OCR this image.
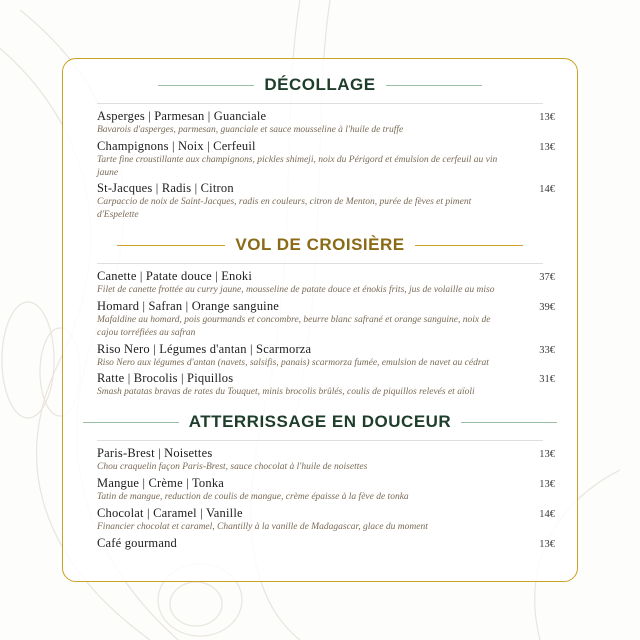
DÉCOLLAGE
Asperges | Parmesan | Guanciale	13€
Bavarois d'asperges, parmesan, guanciale et sauce mousseline à l'huile de truffe
Champignons | Noix | Cerfeuil	13€
Tarte fine croustillante aux champignons, pickles shimeji, noix du Périgord et émulsion de cerfeuil au vin jaune
St-Jacques | Radis | Citron	14€
Carpaccio de noix de Saint-Jacques, radis en couleurs, citron de Menton, purée de fèves et piment d'Espelette
VOL DE CROISIÈRE
Canette | Patate douce | Enoki	37€
Filet de canette frottée au curry jaune, mousseline de patate douce et énokis frits, jus de volaille au miso
Homard | Safran | Orange sanguine	39€
Mafaldine au homard, pois gourmands et concombre, beurre blanc safrané et orange sanguine, noix de cajou torréfiées au safran
Riso Nero | Légumes d'antan | Scarmorza	33€
Riso Nero aux légumes d'antan (navets, salsifis, panais) scarmorza fumée, emulsion de navet au cédrat
Ratte | Brocolis | Piquillos	31€
Smash patatas bravas de rates du Touquet, minis brocolis brûlés, coulis de piquillos relevés et aïoli
ATTERRISSAGE EN DOUCEUR
Paris-Brest | Noisettes	13€
Chou craquelin façon Paris-Brest, sauce chocolat à l'huile de noisettes
Mangue | Crème | Tonka	13€
Tatin de mangue, reduction de coulis de mangue, crème épaisse à la fève de tonka
Chocolat | Caramel | Vanille	14€
Financier chocolat et caramel, Chantilly à la vanille de Madagascar, glace du moment
Café gourmand	13€
